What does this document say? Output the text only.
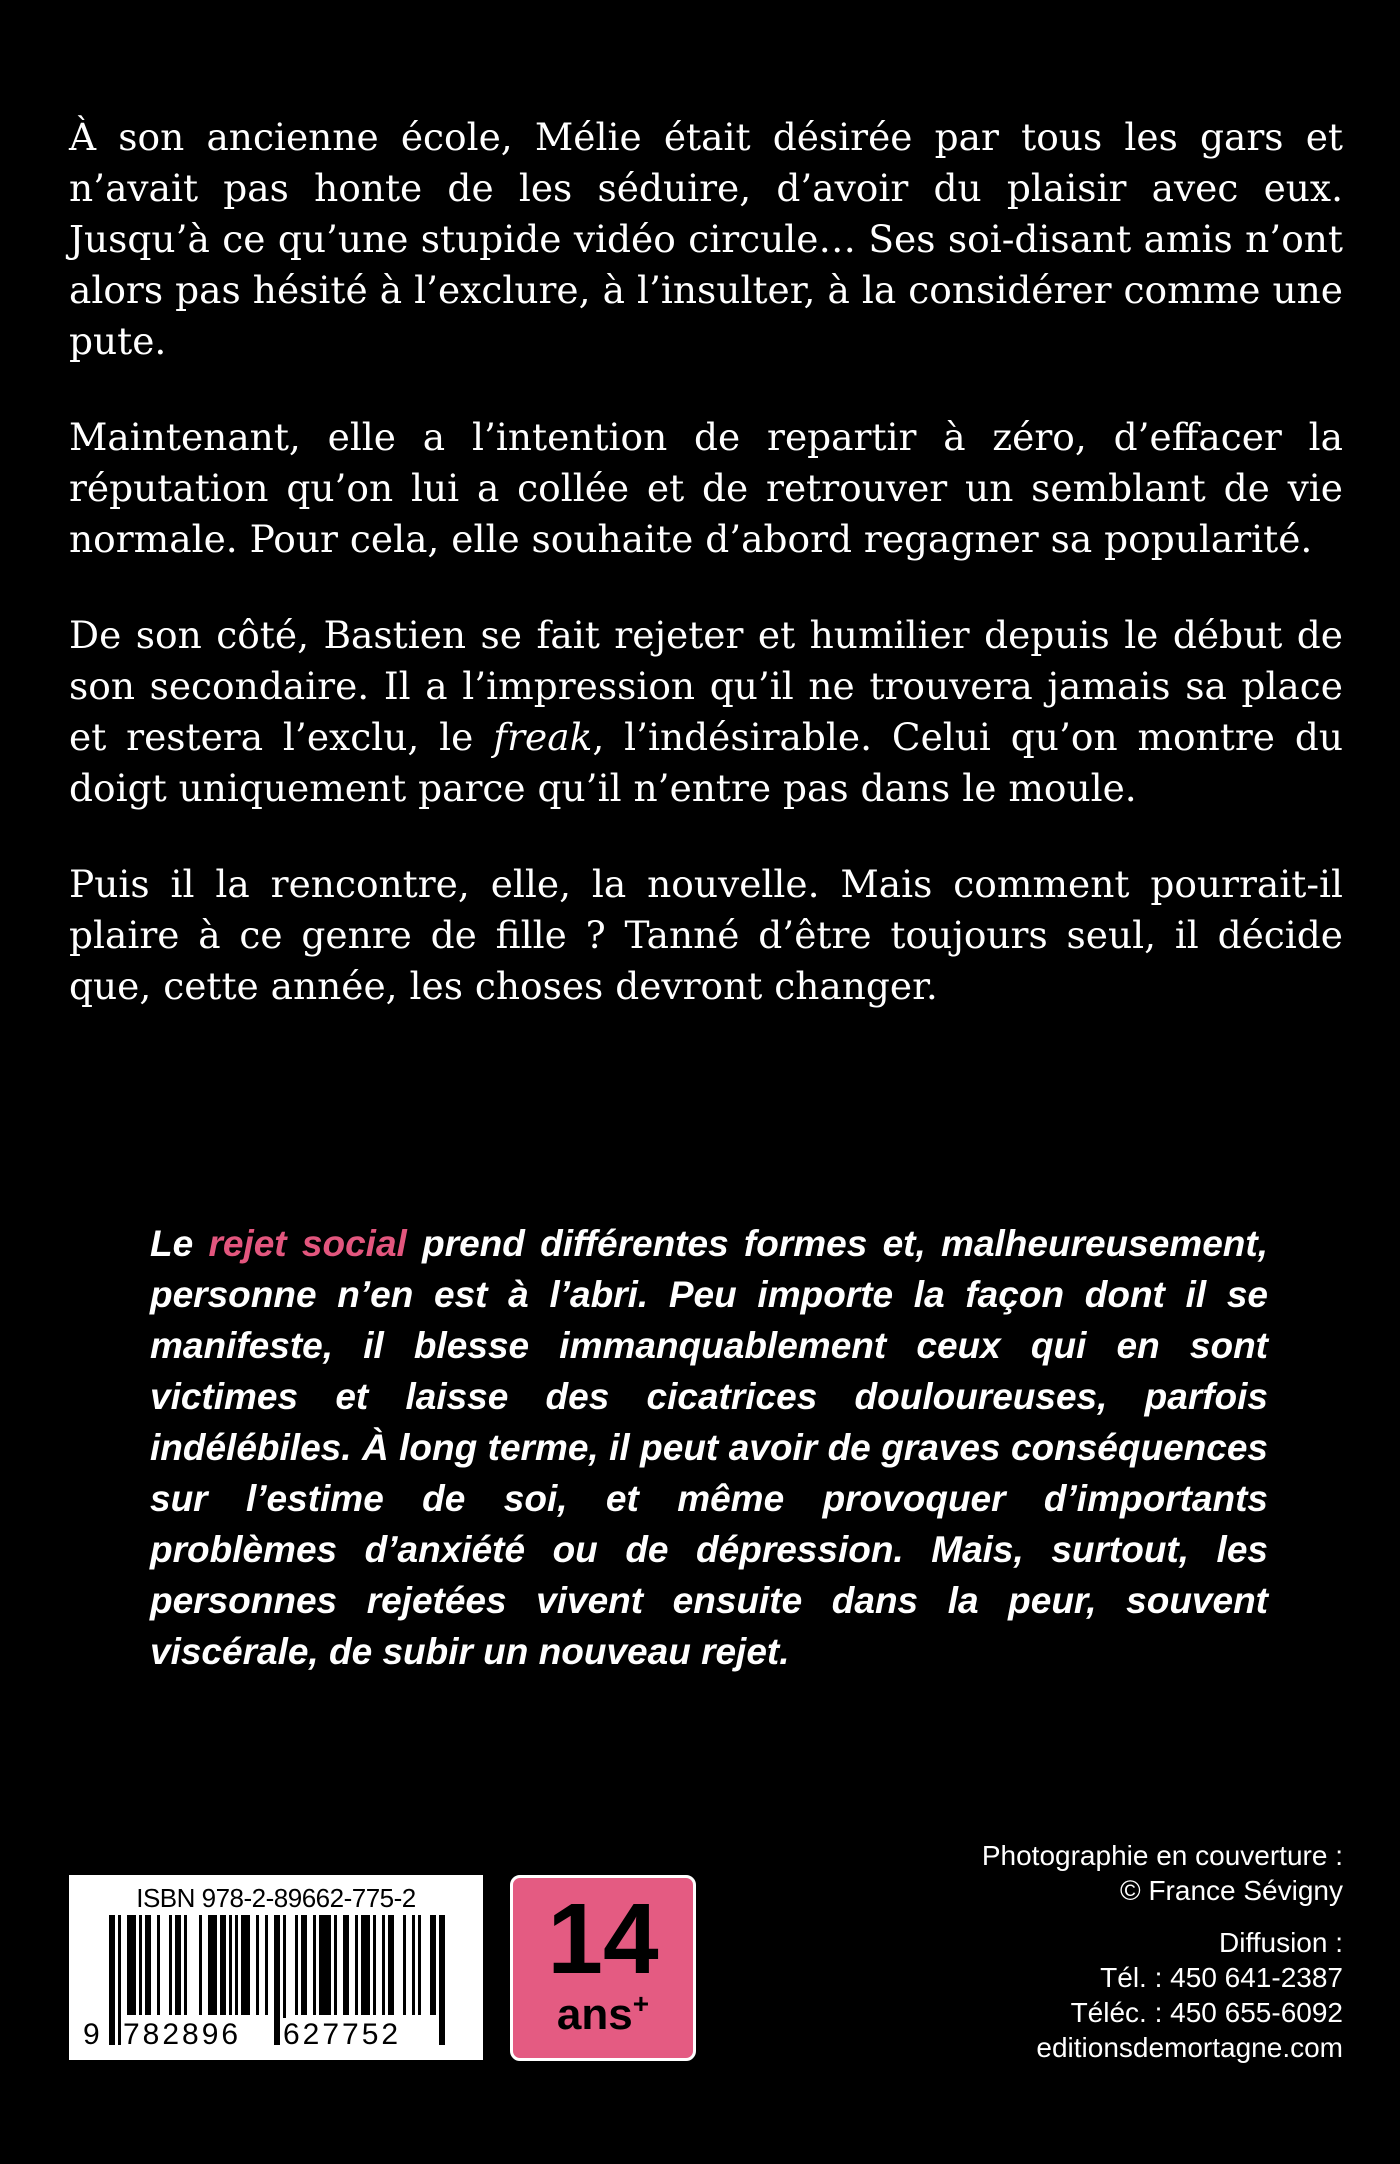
À son ancienne école, Mélie était désirée par tous les gars et n’avait pas honte de les séduire, d’avoir du plaisir avec eux. Jusqu’à ce qu’une stupide vidéo circule… Ses soi-disant amis n’ont alors pas hésité à l’exclure, à l’insulter, à la considérer comme une pute.

Maintenant, elle a l’intention de repartir à zéro, d’effacer la réputation qu’on lui a collée et de retrouver un semblant de vie normale. Pour cela, elle souhaite d’abord regagner sa popularité.

De son côté, Bastien se fait rejeter et humilier depuis le début de son secondaire. Il a l’impression qu’il ne trouvera jamais sa place et restera l’exclu, le freak, l’indésirable. Celui qu’on montre du doigt uniquement parce qu’il n’entre pas dans le moule.

Puis il la rencontre, elle, la nouvelle. Mais comment pourrait-il plaire à ce genre de fille ? Tanné d’être toujours seul, il décide que, cette année, les choses devront changer.

Le rejet social prend différentes formes et, malheureusement, personne n’en est à l’abri. Peu importe la façon dont il se manifeste, il blesse immanquablement ceux qui en sont victimes et laisse des cicatrices douloureuses, parfois indélébiles. À long terme, il peut avoir de graves conséquences sur l’estime de soi, et même provoquer d’importants problèmes d’anxiété ou de dépression. Mais, surtout, les personnes rejetées vivent ensuite dans la peur, souvent viscérale, de subir un nouveau rejet.

Photographie en couverture :
© France Sévigny
Diffusion :
Tél. : 450 641-2387
Téléc. : 450 655-6092
editionsdemortagne.com
ISBN 978-2-89662-775-2
9 782896 627752
14
ans+
